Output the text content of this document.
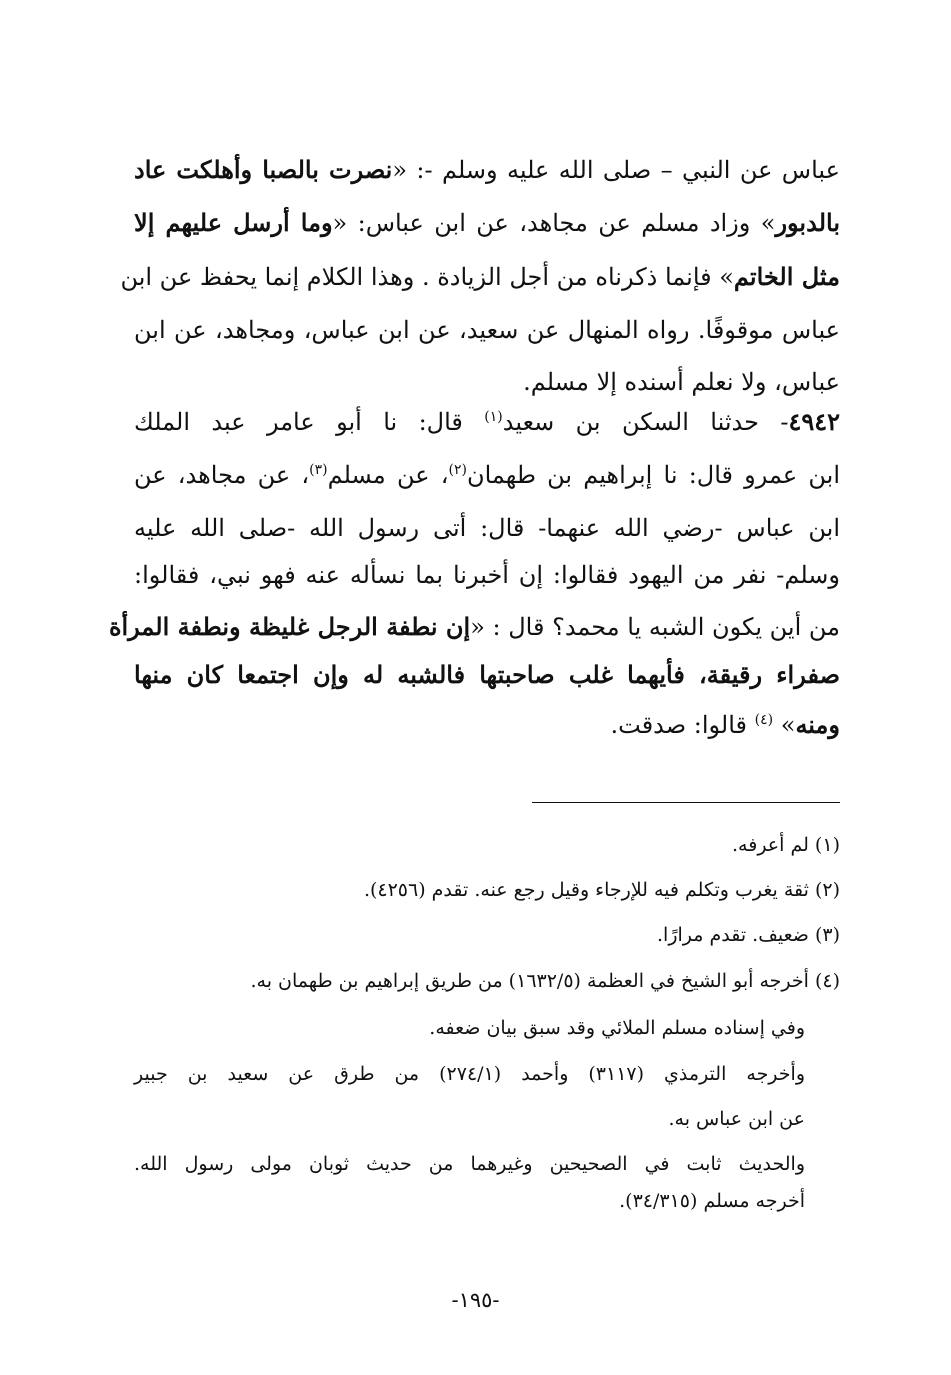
عباس عن النبي – صلى الله عليه وسلم -: «نصرت بالصبا وأهلكت عاد
بالدبور» وزاد مسلم عن مجاهد، عن ابن عباس: «وما أرسل عليهم إلا
مثل الخاتم» فإنما ذكرناه من أجل الزيادة . وهذا الكلام إنما يحفظ عن ابن
عباس موقوفًا. رواه المنهال عن سعيد، عن ابن عباس، ومجاهد، عن ابن
عباس، ولا نعلم أسنده إلا مسلم.
٤٩٤٢- حدثنا السكن بن سعيد$^{(١)}$ قال: نا أبو عامر عبد الملك
ابن عمرو قال: نا إبراهيم بن طهمان$^{(٢)}$، عن مسلم$^{(٣)}$، عن مجاهد، عن
ابن عباس -رضي الله عنهما- قال: أتى رسول الله -صلى الله عليه
وسلم- نفر من اليهود فقالوا: إن أخبرنا بما نسأله عنه فهو نبي، فقالوا:
من أين يكون الشبه يا محمد؟ قال : «إن نطفة الرجل غليظة ونطفة المرأة
صفراء رقيقة، فأيهما غلب صاحبتها فالشبه له وإن اجتمعا كان منها
ومنه» $^{(٤)}$ قالوا: صدقت.
(١) لم أعرفه.
(٢) ثقة يغرب وتكلم فيه للإرجاء وقيل رجع عنه. تقدم (٤٢٥٦).
(٣) ضعيف. تقدم مرارًا.
(٤) أخرجه أبو الشيخ في العظمة (١٦٣٢/٥) من طريق إبراهيم بن طهمان به.
وفي إسناده مسلم الملائي وقد سبق بيان ضعفه.
وأخرجه الترمذي (٣١١٧) وأحمد (٢٧٤/١) من طرق عن سعيد بن جبير
عن ابن عباس به.
والحديث ثابت في الصحيحين وغيرهما من حديث ثوبان مولى رسول الله.
أخرجه مسلم (٣٤/٣١٥).
-١٩٥-
